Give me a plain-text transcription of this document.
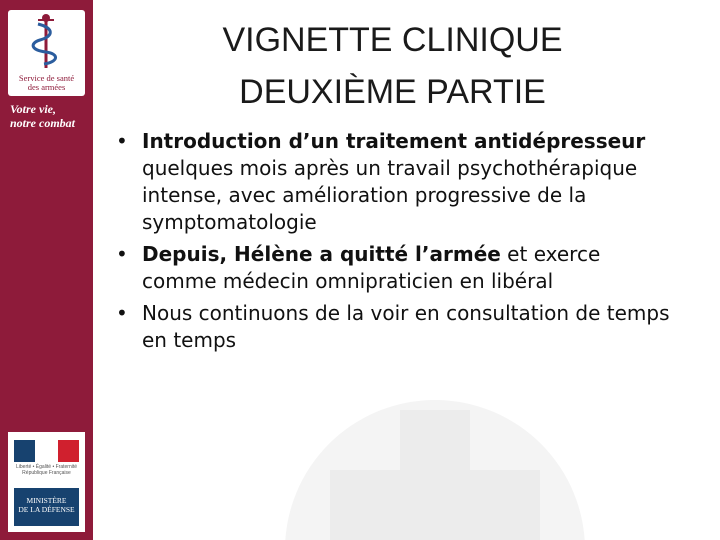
Service de santé
des armées
Votre vie,
notre combat
Liberté • Égalité • Fraternité
République Française
MINISTÈRE
DE LA DÉFENSE
VIGNETTE CLINIQUE
DEUXIÈME PARTIE
• Introduction d’un traitement antidépresseur quelques mois après un travail psychothérapique intense, avec amélioration progressive de la symptomatologie
• Depuis, Hélène a quitté l’armée et exerce comme médecin omnipraticien en libéral
• Nous continuons de la voir en consultation de temps en temps
